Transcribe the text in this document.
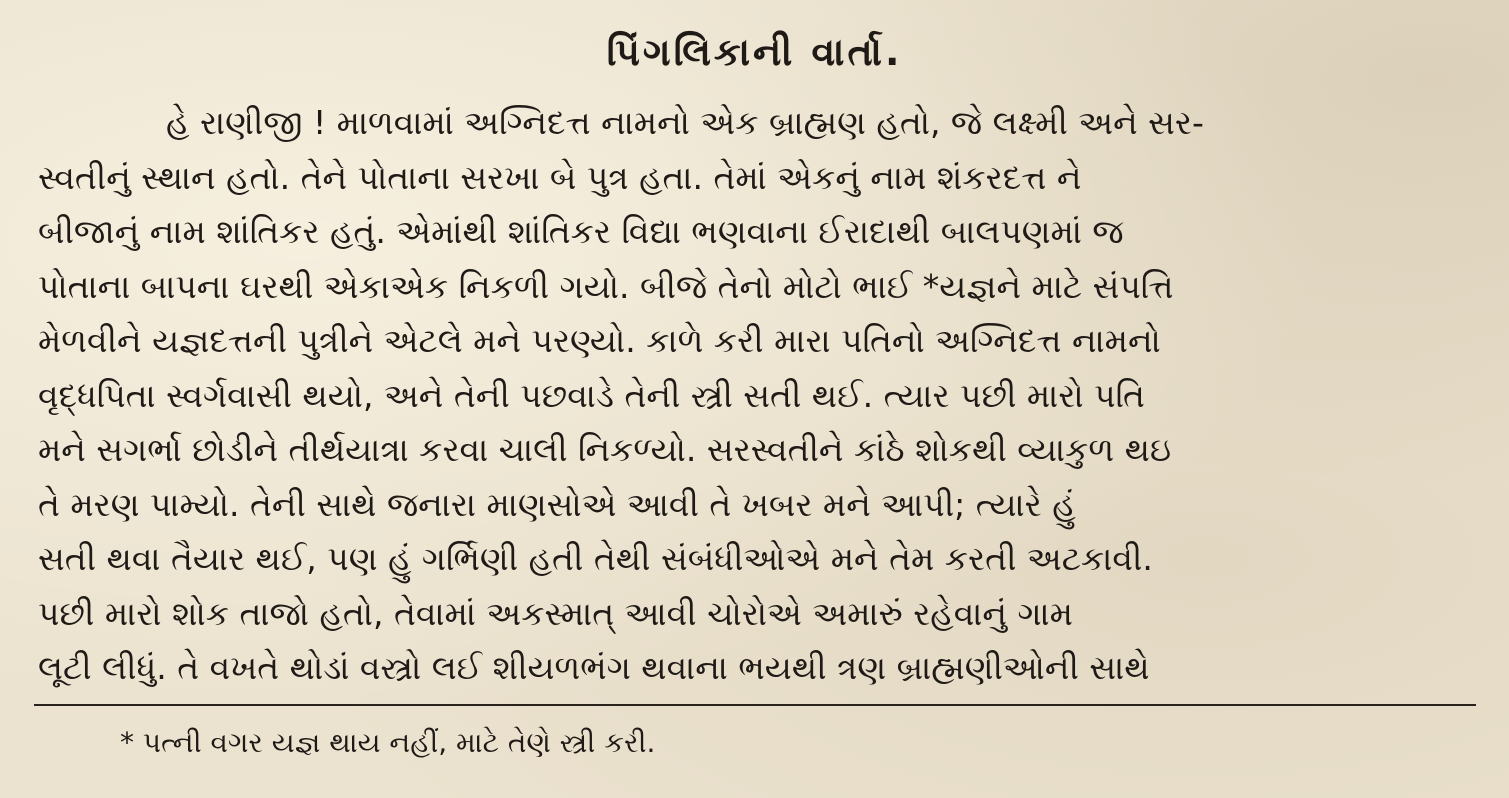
પિંગલિકાની વાર્તા.
હે રાણીજી ! માળવામાં અગ્નિદત્ત નામનો એક બ્રાહ્મણ હતો, જે લક્ષ્મી અને સર-
સ્વતીનું સ્થાન હતો. તેને પોતાના સરખા બે પુત્ર હતા. તેમાં એકનું નામ શંકરદત્ત ને
બીજાનું નામ શાંતિકર હતું. એમાંથી શાંતિકર વિદ્યા ભણવાના ઈરાદાથી બાલપણમાં જ
પોતાના બાપના ઘરથી એકાએક નિકળી ગયો. બીજે તેનો મોટો ભાઈ *યજ્ઞને માટે સંપત્તિ
મેળવીને યજ્ઞદત્તની પુત્રીને એટલે મને પરણ્યો. કાળે કરી મારા પતિનો અગ્નિદત્ત નામનો
વૃદ્ધપિતા સ્વર્ગવાસી થયો, અને તેની પછવાડે તેની સ્ત્રી સતી થઈ. ત્યાર પછી મારો પતિ
મને સગર્ભા છોડીને તીર્થયાત્રા કરવા ચાલી નિકળ્યો. સરસ્વતીને કાંઠે શોકથી વ્યાકુળ થઇ
તે મરણ પામ્યો. તેની સાથે જનારા માણસોએ આવી તે ખબર મને આપી; ત્યારે હું
સતી થવા તૈયાર થઈ, પણ હું ગર્ભિણી હતી તેથી સંબંધીઓએ મને તેમ કરતી અટકાવી.
પછી મારો શોક તાજો હતો, તેવામાં અકસ્માત્ આવી ચોરોએ અમારું રહેવાનું ગામ
લૂટી લીધું. તે વખતે થોડાં વસ્ત્રો લઈ શીયળભંગ થવાના ભયથી ત્રણ બ્રાહ્મણીઓની સાથે
* પત્ની વગર યજ્ઞ થાય નહીં, માટે તેણે સ્ત્રી કરી.
